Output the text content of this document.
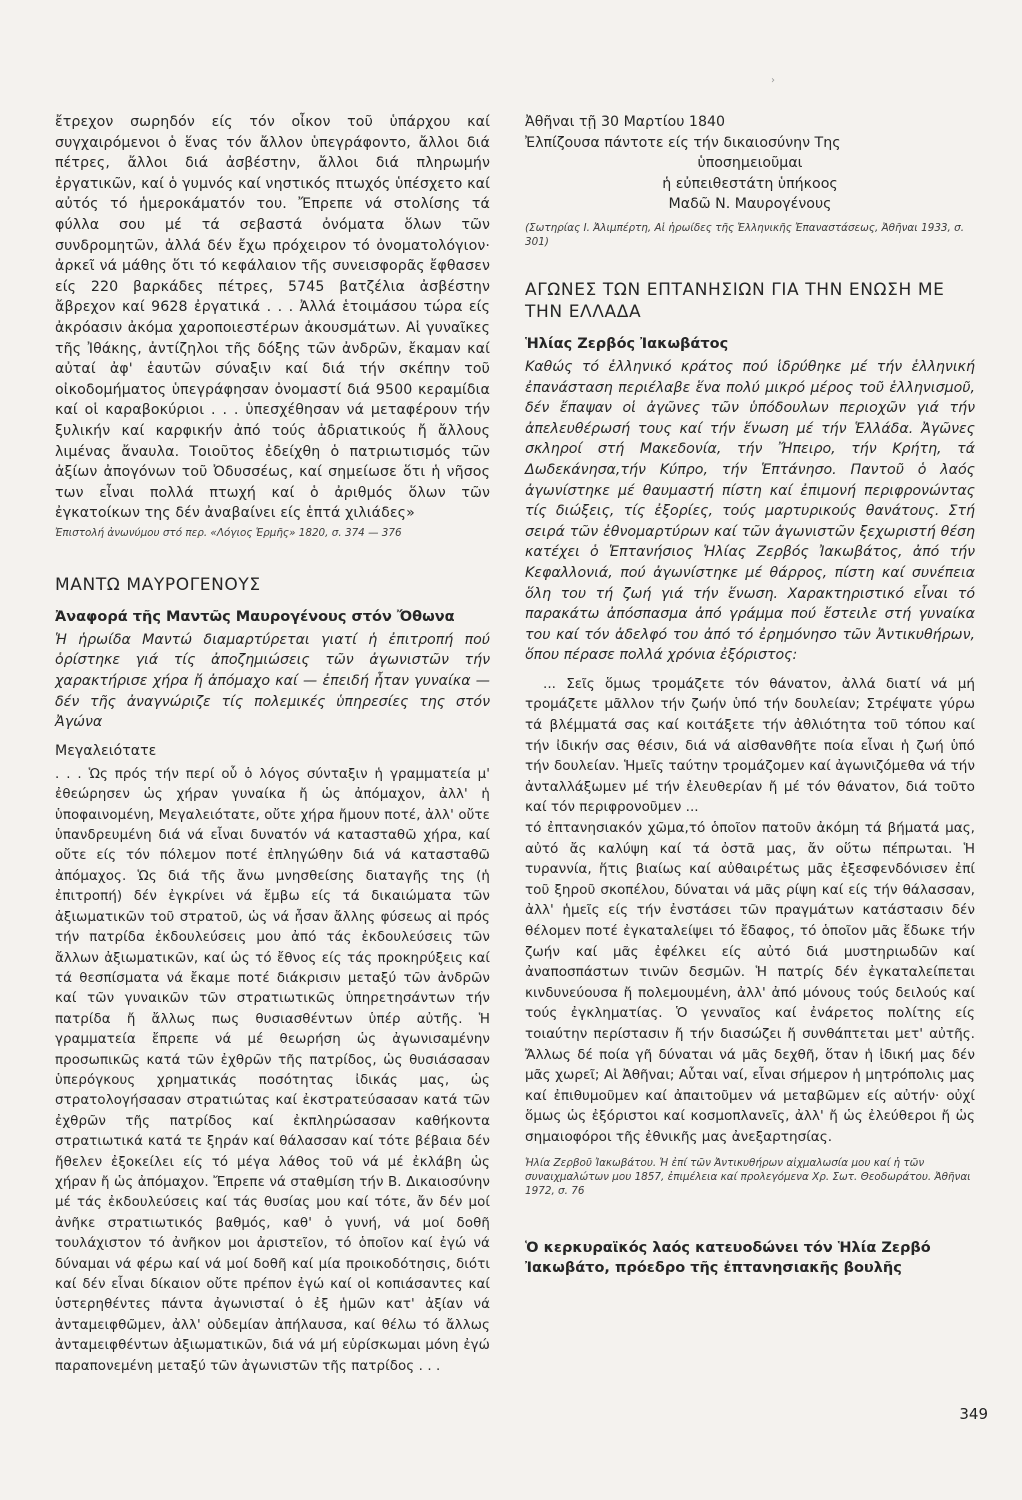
›

ἔτρεχον σωρηδόν είς τόν οἶκον τοῦ ὑπάρχου καί συγχαιρόμενοι ὁ ἕνας τόν ἄλλον ὑπεγράφοντο, ἄλλοι διά πέτρες, ἄλλοι διά ἀσβέστην, ἄλλοι διά πληρωμήν ἐργατικῶν, καί ὁ γυμνός καί νηστικός πτωχός ὑπέσχετο καί αὐτός τό ἡμεροκάματόν του. Ἔπρεπε νά στολίσης τά φύλλα σου μέ τά σεβαστά ὀνόματα ὅλων τῶν συνδρομητῶν, ἀλλά δέν ἔχω πρόχειρον τό ὀνοματολόγιον· ἀρκεῖ νά μάθης ὅτι τό κεφάλαιον τῆς συνεισφορᾶς ἔφθασεν είς 220 βαρκάδες πέτρες, 5745 βατζέλια ἀσβέστην ἄβρεχον καί 9628 ἐργατικά . . . Ἀλλά ἑτοιμάσου τώρα είς ἀκρόασιν ἀκόμα χαροποιεστέρων ἀκουσμάτων. Αἱ γυναῖκες τῆς Ἰθάκης, ἀντίζηλοι τῆς δόξης τῶν ἀνδρῶν, ἔκαμαν καί αὐταί ἀφ' ἑαυτῶν σύναξιν καί διά τήν σκέπην τοῦ οἰκοδομήματος ὑπεγράφησαν ὀνομαστί διά 9500 κεραμίδια καί οἱ καραβοκύριοι . . . ὑπεσχέθησαν νά μεταφέρουν τήν ξυλικήν καί καρφικήν ἀπό τούς ἀδριατικούς ἤ ἄλλους λιμένας ἄναυλα. Τοιοῦτος ἐδείχθη ὁ πατριωτισμός τῶν ἀξίων ἀπογόνων τοῦ Ὀδυσσέως, καί σημείωσε ὅτι ἡ νῆσος των εἶναι πολλά πτωχή καί ὁ ἀριθμός ὅλων τῶν ἐγκατοίκων της δέν ἀναβαίνει είς ἑπτά χιλιάδες»

Ἐπιστολή ἀνωνύμου στό περ. «Λόγιος Ἑρμῆς» 1820, σ. 374 — 376

ΜΑΝΤΩ ΜΑΥΡΟΓΕΝΟΥΣ
Ἀναφορά τῆς Μαντῶς Μαυρογένους στόν Ὄθωνα

Ἡ ἡρωίδα Μαντώ διαμαρτύρεται γιατί ἡ ἐπιτροπή πού ὁρίστηκε γιά τίς ἀποζημιώσεις τῶν ἀγωνιστῶν τήν χαρακτήρισε χήρα ἤ ἀπόμαχο καί — ἐπειδή ἦταν γυναίκα — δέν τῆς ἀναγνώριζε τίς πολεμικές ὑπηρεσίες της στόν Ἀγώνα

Μεγαλειότατε

. . . Ὡς πρός τήν περί οὗ ὁ λόγος σύνταξιν ἡ γραμματεία μ' ἐθεώρησεν ὡς χήραν γυναίκα ἤ ὡς ἀπόμαχον, ἀλλ' ἡ ὑποφαινομένη, Μεγαλειότατε, οὔτε χήρα ἤμουν ποτέ, ἀλλ' οὔτε ὑπανδρευμένη διά νά εἶναι δυνατόν νά κατασταθῶ χήρα, καί οὔτε είς τόν πόλεμον ποτέ ἐπληγώθην διά νά κατασταθῶ ἀπόμαχος. Ὡς διά τῆς ἄνω μνησθείσης διαταγῆς της (ἡ ἐπιτροπή) δέν ἐγκρίνει νά ἔμβω είς τά δικαιώματα τῶν ἀξιωματικῶν τοῦ στρατοῦ, ὡς νά ἦσαν ἄλλης φύσεως αἱ πρός τήν πατρίδα ἐκδουλεύσεις μου ἀπό τάς ἐκδουλεύσεις τῶν ἄλλων ἀξιωματικῶν, καί ὡς τό ἔθνος είς τάς προκηρύξεις καί τά θεσπίσματα νά ἔκαμε ποτέ διάκρισιν μεταξύ τῶν ἀνδρῶν καί τῶν γυναικῶν τῶν στρατιωτικῶς ὑπηρετησάντων τήν πατρίδα ἤ ἄλλως πως θυσιασθέντων ὑπέρ αὐτῆς. Ἡ γραμματεία ἔπρεπε νά μέ θεωρήση ὡς ἀγωνισαμένην προσωπικῶς κατά τῶν ἐχθρῶν τῆς πατρίδος, ὡς θυσιάσασαν ὑπερόγκους χρηματικάς ποσότητας ἰδικάς μας, ὡς στρατολογήσασαν στρατιώτας καί ἐκστρατεύσασαν κατά τῶν ἐχθρῶν τῆς πατρίδος καί ἐκπληρώσασαν καθήκοντα στρατιωτικά κατά τε ξηράν καί θάλασσαν καί τότε βέβαια δέν ἤθελεν ἐξοκείλει είς τό μέγα λάθος τοῦ νά μέ ἐκλάβη ὡς χήραν ἤ ὡς ἀπόμαχον. Ἔπρεπε νά σταθμίση τήν Β. Δικαιοσύνην μέ τάς ἐκδουλεύσεις καί τάς θυσίας μου καί τότε, ἄν δέν μοί ἀνῆκε στρατιωτικός βαθμός, καθ' ὁ γυνή, νά μοί δοθῆ τουλάχιστον τό ἀνῆκον μοι ἀριστεῖον, τό ὁποῖον καί ἐγώ νά δύναμαι νά φέρω καί νά μοί δοθῆ καί μία προικοδότησις, διότι καί δέν εἶναι δίκαιον οὔτε πρέπον ἐγώ καί οἱ κοπιάσαντες καί ὑστερηθέντες πάντα ἀγωνισταί ὁ ἐξ ἡμῶν κατ' ἀξίαν νά ἀνταμειφθῶμεν, ἀλλ' οὐδεμίαν ἀπήλαυσα, καί θέλω τό ἄλλως ἀνταμειφθέντων ἀξιωματικῶν, διά νά μή εὑρίσκωμαι μόνη ἐγώ παραπονεμένη μεταξύ τῶν ἀγωνιστῶν τῆς πατρίδος . . .

Ἀθῆναι τῇ 30 Μαρτίου 1840

Ἐλπίζουσα πάντοτε είς τήν δικαιοσύνην Της

ὑποσημειοῦμαι

ἡ εὐπειθεστάτη ὑπήκοος

Μαδῶ Ν. Μαυρογένους

(Σωτηρίας Ι. Ἀλιμπέρτη, Αἱ ἡρωίδες τῆς Ἑλληνικῆς Ἐπαναστάσεως, Ἀθῆναι 1933, σ. 301)

ΑΓΩΝΕΣ ΤΩΝ ΕΠΤΑΝΗΣΙΩΝ ΓΙΑ ΤΗΝ ΕΝΩΣΗ ΜΕ ΤΗΝ ΕΛΛΑΔΑ
Ἡλίας Ζερβός Ἰακωβάτος

Καθώς τό ἑλληνικό κράτος πού ἱδρύθηκε μέ τήν ἑλληνική ἐπανάσταση περιέλαβε ἕνα πολύ μικρό μέρος τοῦ ἑλληνισμοῦ, δέν ἔπαψαν οἱ ἀγῶνες τῶν ὑπόδουλων περιοχῶν γιά τήν ἀπελευθέρωσή τους καί τήν ἕνωση μέ τήν Ἑλλάδα. Ἀγῶνες σκληροί στή Μακεδονία, τήν Ἤπειρο, τήν Κρήτη, τά Δωδεκάνησα,τήν Κύπρο, τήν Ἑπτάνησο. Παντοῦ ὁ λαός ἀγωνίστηκε μέ θαυμαστή πίστη καί ἐπιμονή περιφρονώντας τίς διώξεις, τίς ἐξορίες, τούς μαρτυρικούς θανάτους. Στή σειρά τῶν ἐθνομαρτύρων καί τῶν ἀγωνιστῶν ξεχωριστή θέση κατέχει ὁ Ἑπτανήσιος Ἡλίας Ζερβός Ἰακωβάτος, ἀπό τήν Κεφαλλονιά, πού ἀγωνίστηκε μέ θάρρος, πίστη καί συνέπεια ὅλη του τή ζωή γιά τήν ἕνωση. Χαρακτηριστικό εἶναι τό παρακάτω ἀπόσπασμα ἀπό γράμμα πού ἔστειλε στή γυναίκα του καί τόν ἀδελφό του ἀπό τό ἐρημόνησο τῶν Ἀντικυθήρων, ὅπου πέρασε πολλά χρόνια ἐξόριστος:

... Σεῖς ὅμως τρομάζετε τόν θάνατον, ἀλλά διατί νά μή τρομάζετε μᾶλλον τήν ζωήν ὑπό τήν δουλείαν; Στρέψατε γύρω τά βλέμματά σας καί κοιτάξετε τήν ἀθλιότητα τοῦ τόπου καί τήν ἰδικήν σας θέσιν, διά νά αἰσθανθῆτε ποία εἶναι ἡ ζωή ὑπό τήν δουλείαν. Ἡμεῖς ταύτην τρομάζομεν καί ἀγωνιζόμεθα νά τήν ἀνταλλάξωμεν μέ τήν ἐλευθερίαν ἤ μέ τόν θάνατον, διά τοῦτο καί τόν περιφρονοῦμεν ...

τό ἐπτανησιακόν χῶμα,τό ὁποῖον πατοῦν ἀκόμη τά βήματά μας, αὐτό ἄς καλύψη καί τά ὀστᾶ μας, ἄν οὕτω πέπρωται. Ἡ τυραννία, ἥτις βιαίως καί αὐθαιρέτως μᾶς ἐξεσφενδόνισεν ἐπί τοῦ ξηροῦ σκοπέλου, δύναται νά μᾶς ρίψη καί είς τήν θάλασσαν, ἀλλ' ἡμεῖς είς τήν ἐνστάσει τῶν πραγμάτων κατάστασιν δέν θέλομεν ποτέ ἐγκαταλείψει τό ἔδαφος, τό ὁποῖον μᾶς ἔδωκε τήν ζωήν καί μᾶς ἐφέλκει είς αὐτό διά μυστηριωδῶν καί ἀναποσπάστων τινῶν δεσμῶν. Ἡ πατρίς δέν ἐγκαταλείπεται κινδυνεύουσα ἤ πολεμουμένη, ἀλλ' ἀπό μόνους τούς δειλούς καί τούς ἐγκληματίας. Ὁ γενναῖος καί ἐνάρετος πολίτης είς τοιαύτην περίστασιν ἤ τήν διασώζει ἤ συνθάπτεται μετ' αὐτῆς. Ἄλλως δέ ποία γῆ δύναται νά μᾶς δεχθῆ, ὅταν ἡ ἰδική μας δέν μᾶς χωρεῖ; Αἱ Ἀθῆναι; Αὗται ναί, εἶναι σήμερον ἡ μητρόπολις μας καί ἐπιθυμοῦμεν καί ἀπαιτοῦμεν νά μεταβῶμεν είς αὐτήν· οὐχί ὅμως ὡς ἐξόριστοι καί κοσμοπλανεῖς, ἀλλ' ἤ ὡς ἐλεύθεροι ἤ ὡς σημαιοφόροι τῆς ἐθνικῆς μας ἀνεξαρτησίας.

Ἡλία Ζερβοῦ Ἰακωβάτου. Ἡ ἐπί τῶν Ἀντικυθήρων αἰχμαλωσία μου καί ἡ τῶν συναιχμαλώτων μου 1857, ἐπιμέλεια καί προλεγόμενα Χρ. Σωτ. Θεοδωράτου. Ἀθῆναι 1972, σ. 76

Ὁ κερκυραϊκός λαός κατευοδώνει τόν Ἡλία Ζερβό Ἰακωβάτο, πρόεδρο τῆς ἐπτανησιακῆς βουλῆς

349
